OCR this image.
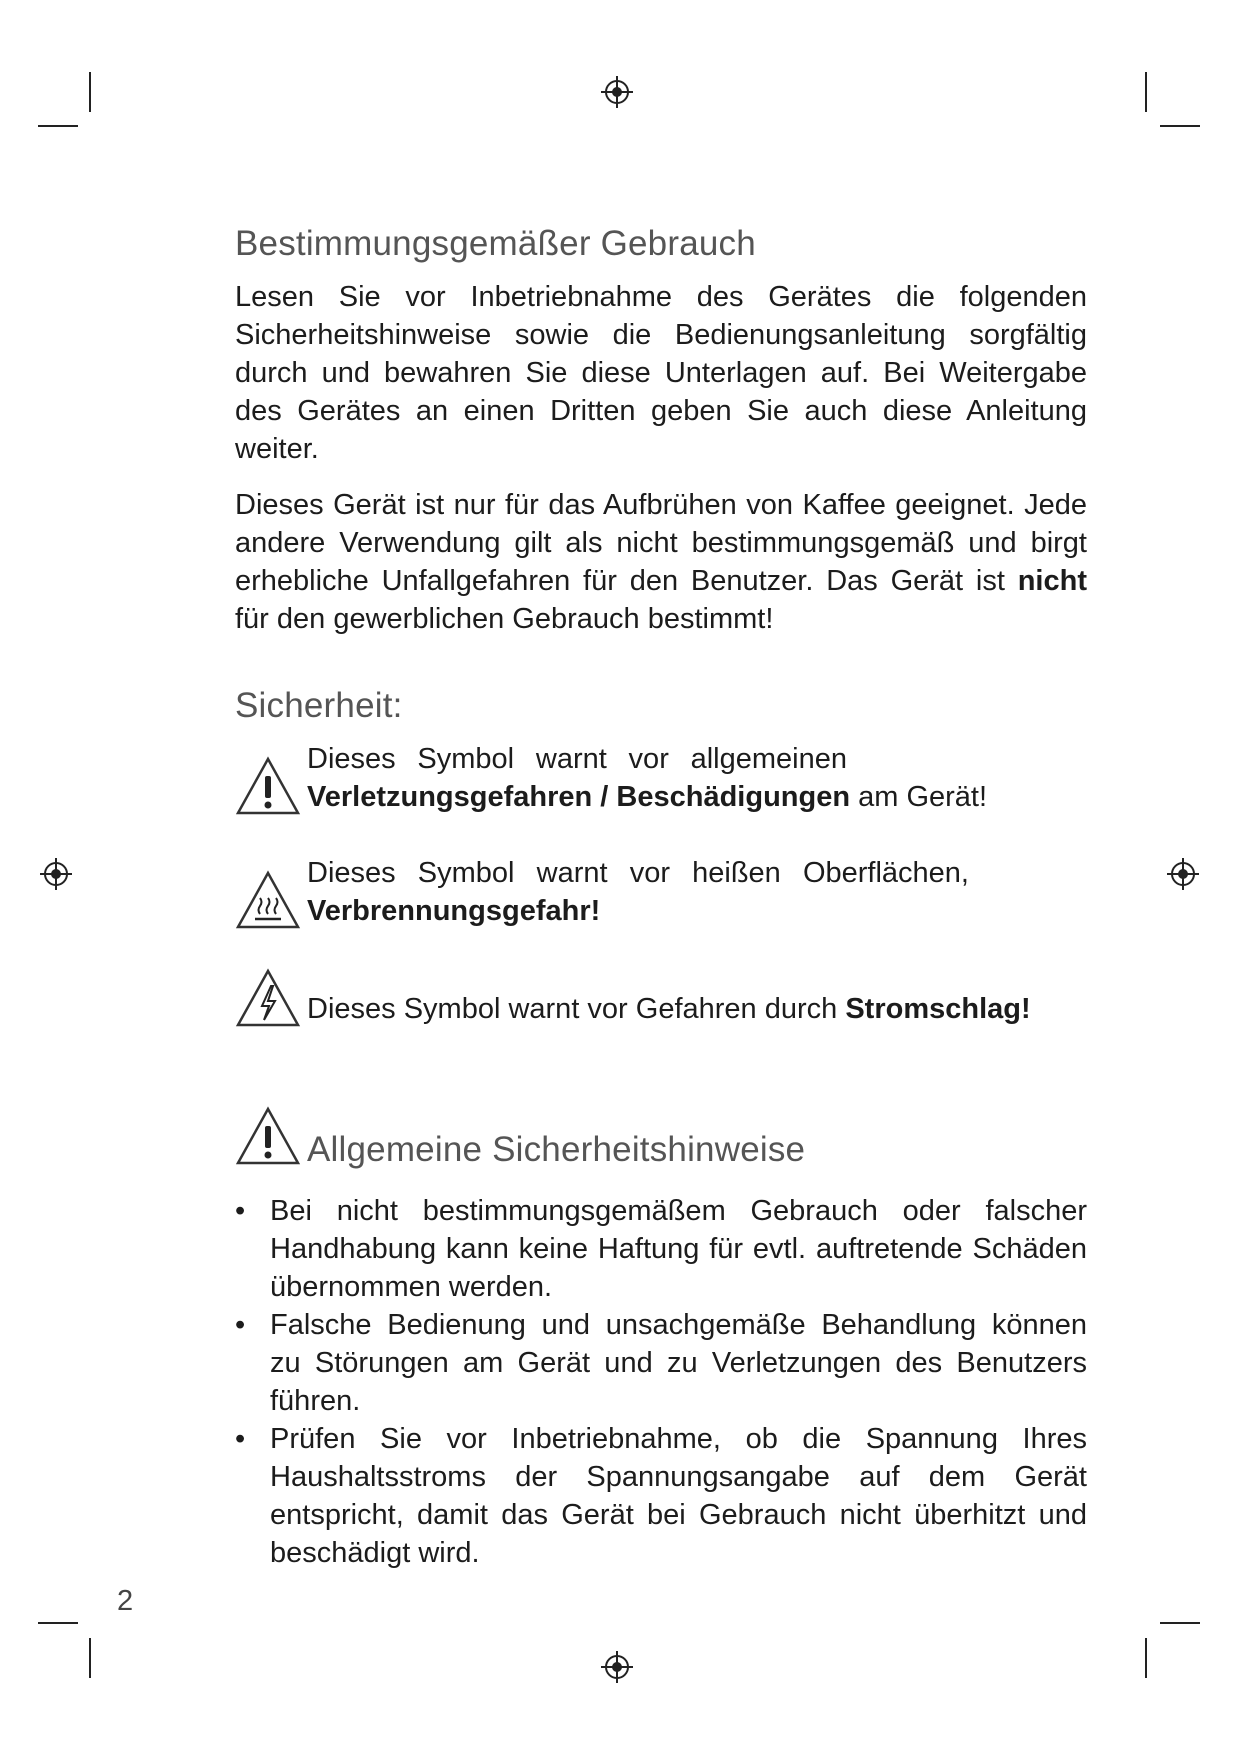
Bestimmungsgemäßer Gebrauch

Lesen Sie vor Inbetriebnahme des Gerätes die folgenden Sicherheitshinweise sowie die Bedienungsanleitung sorgfältig durch und bewahren Sie diese Unterlagen auf. Bei Weitergabe des Gerätes an einen Dritten geben Sie auch diese Anleitung weiter.

Dieses Gerät ist nur für das Aufbrühen von Kaffee geeignet. Jede andere Verwendung gilt als nicht bestimmungsgemäß und birgt erhebliche Unfallgefahren für den Benutzer. Das Gerät ist nicht für den gewerblichen Gebrauch bestimmt!

Sicherheit:
Dieses Symbol warnt vor allgemeinen
Verletzungsgefahren / Beschädigungen am Gerät!
Dieses Symbol warnt vor heißen Oberflächen,
Verbrennungsgefahr!
Dieses Symbol warnt vor Gefahren durch Stromschlag!
Allgemeine Sicherheitshinweise
• Bei nicht bestimmungsgemäßem Gebrauch oder falscher Handhabung kann keine Haftung für evtl. auftretende Schäden übernommen werden.
• Falsche Bedienung und unsachgemäße Behandlung können zu Störungen am Gerät und zu Verletzungen des Benutzers führen.
• Prüfen Sie vor Inbetriebnahme, ob die Spannung Ihres Haushaltsstroms der Spannungsangabe auf dem Gerät entspricht, damit das Gerät bei Gebrauch nicht überhitzt und beschädigt wird.
2
